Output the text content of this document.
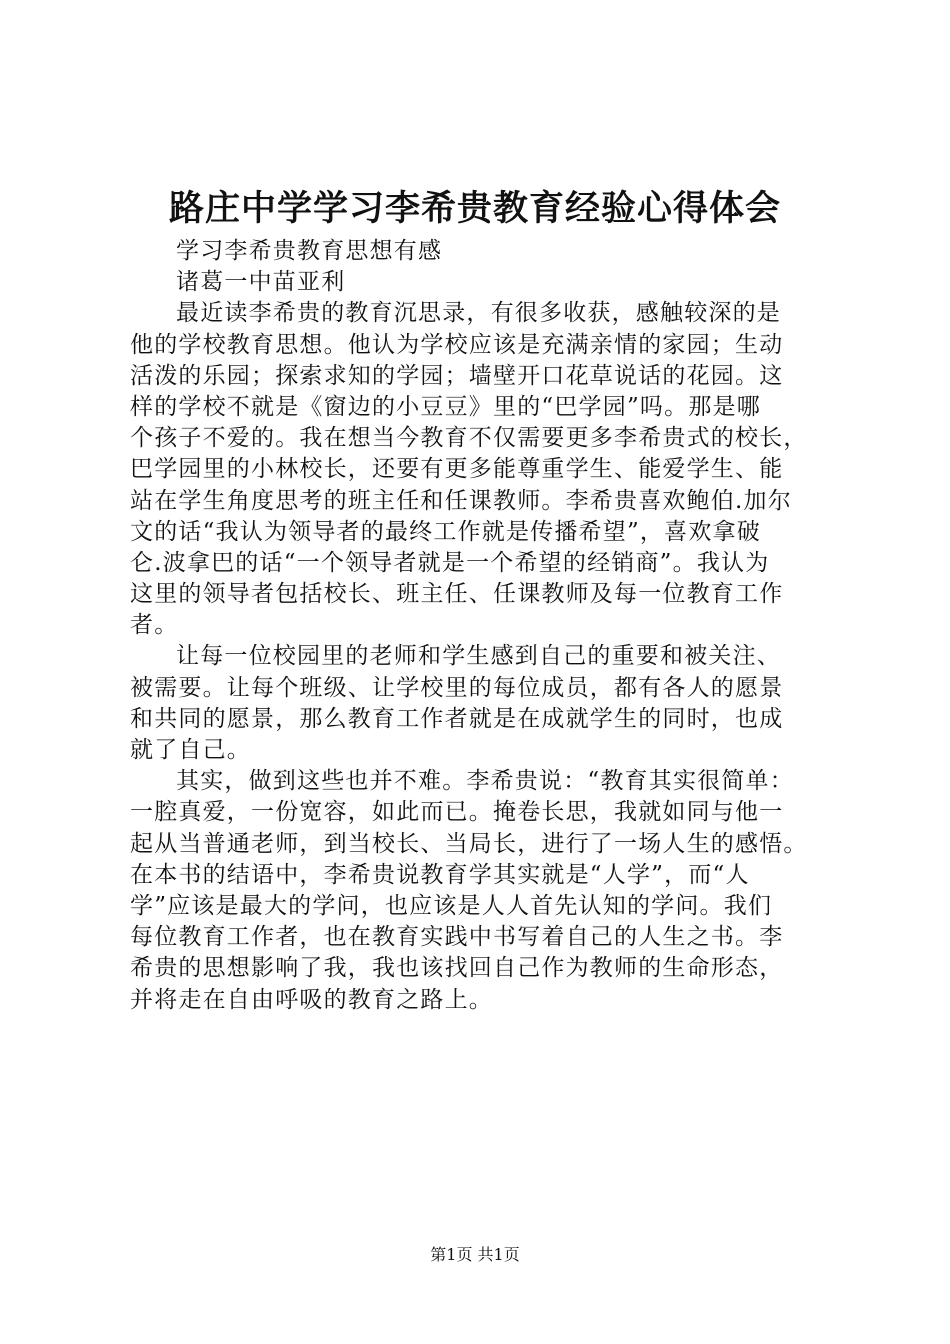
路庄中学学习李希贵教育经验心得体会
学习李希贵教育思想有感
诸葛一中苗亚利
最近读李希贵的教育沉思录，有很多收获，感触较深的是
他的学校教育思想。他认为学校应该是充满亲情的家园；生动
活泼的乐园；探索求知的学园；墙壁开口花草说话的花园。这
样的学校不就是《窗边的小豆豆》里的“巴学园”吗。那是哪
个孩子不爱的。我在想当今教育不仅需要更多李希贵式的校长，
巴学园里的小林校长，还要有更多能尊重学生、能爱学生、能
站在学生角度思考的班主任和任课教师。李希贵喜欢鲍伯.加尔
文的话“我认为领导者的最终工作就是传播希望”，喜欢拿破
仑.波拿巴的话“一个领导者就是一个希望的经销商”。我认为
这里的领导者包括校长、班主任、任课教师及每一位教育工作
者。
让每一位校园里的老师和学生感到自己的重要和被关注、
被需要。让每个班级、让学校里的每位成员，都有各人的愿景
和共同的愿景，那么教育工作者就是在成就学生的同时，也成
就了自己。
其实，做到这些也并不难。李希贵说：“教育其实很简单：
一腔真爱，一份宽容，如此而已。掩卷长思，我就如同与他一
起从当普通老师，到当校长、当局长，进行了一场人生的感悟。
在本书的结语中，李希贵说教育学其实就是“人学”，而“人
学”应该是最大的学问，也应该是人人首先认知的学问。我们
每位教育工作者，也在教育实践中书写着自己的人生之书。李
希贵的思想影响了我，我也该找回自己作为教师的生命形态，
并将走在自由呼吸的教育之路上。
第1页 共1页
